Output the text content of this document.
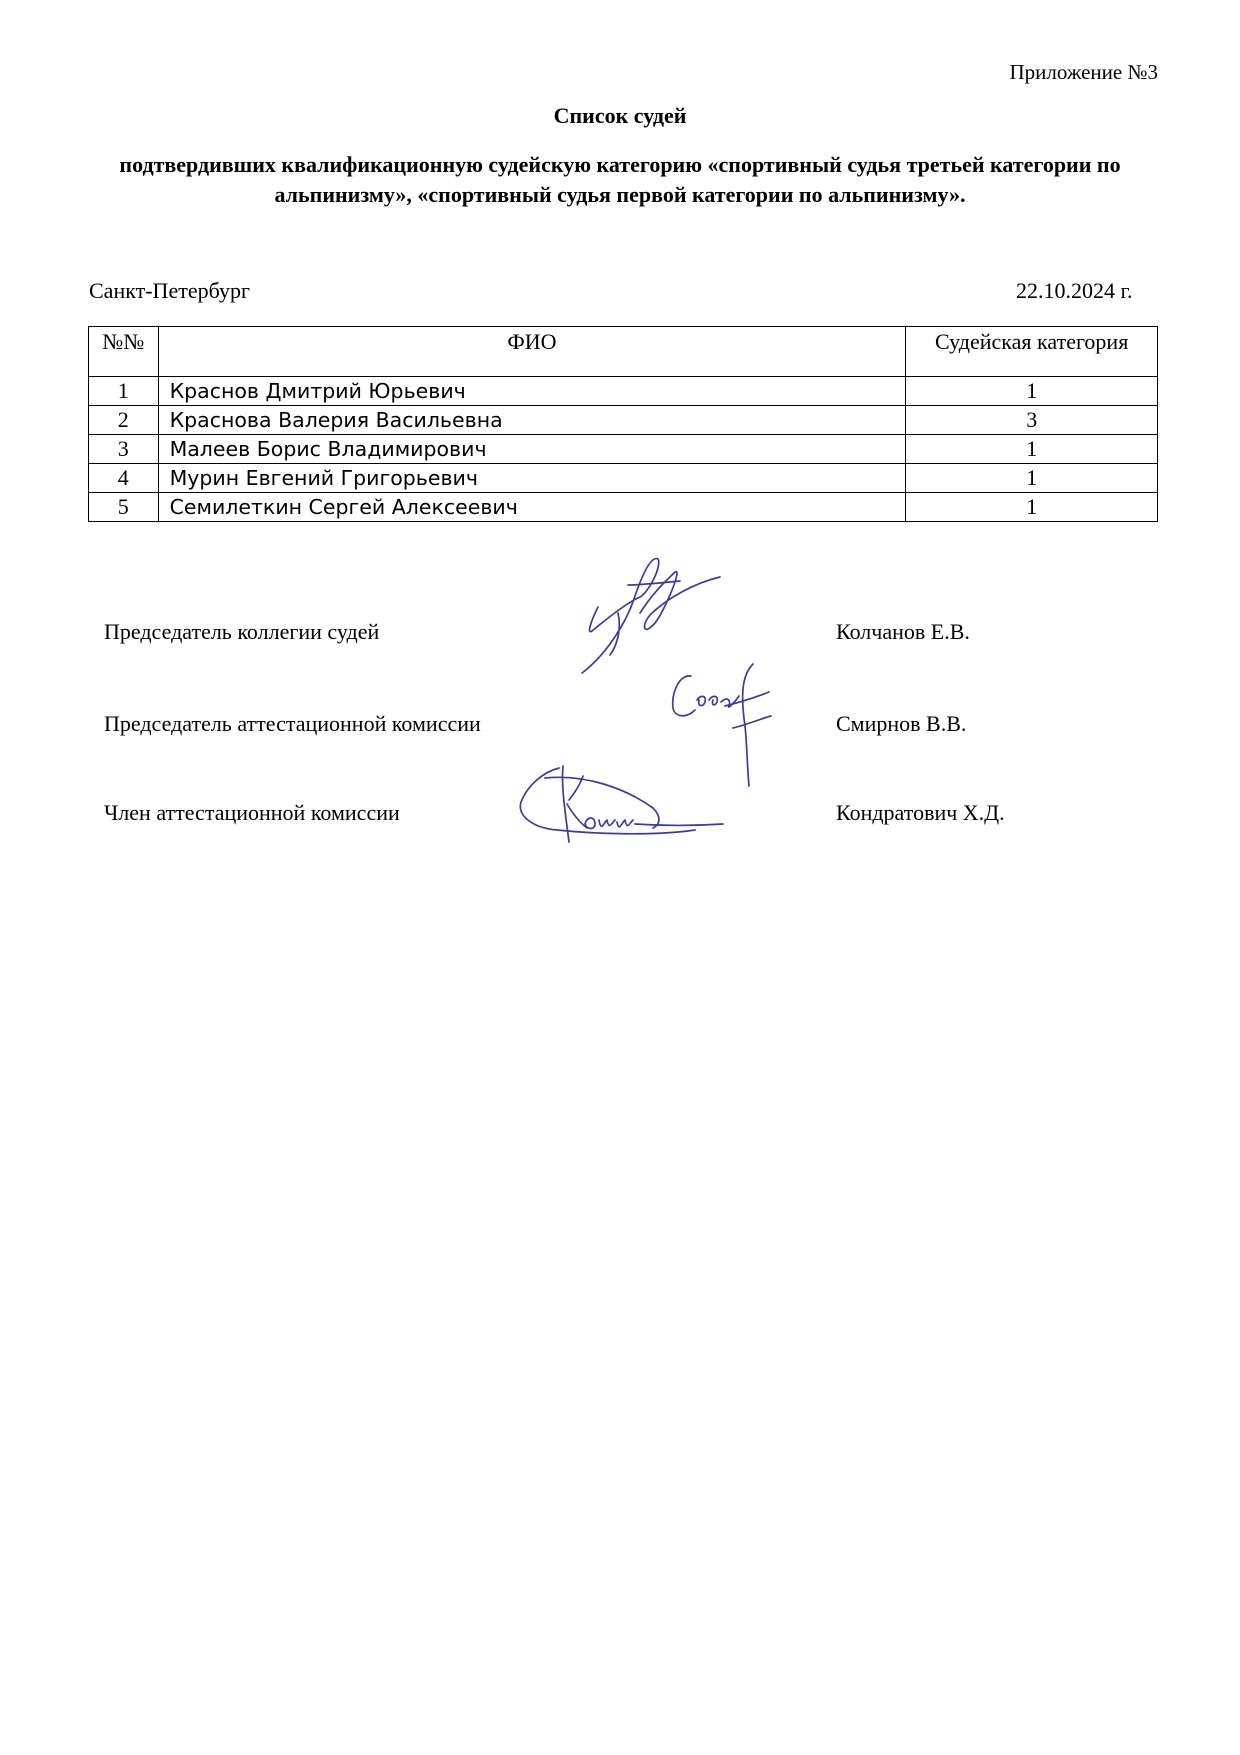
Приложение №3
Список судей
подтвердивших квалификационную судейскую категорию «спортивный судья третьей категории по альпинизму», «спортивный судья первой категории по альпинизму».
Санкт-Петербург	22.10.2024 г.
№№	ФИО	Судейская категория
1	Краснов Дмитрий Юрьевич	1
2	Краснова Валерия Васильевна	3
3	Малеев Борис Владимирович	1
4	Мурин Евгений Григорьевич	1
5	Семилеткин Сергей Алексеевич	1
Председатель коллегии судей	Колчанов Е.В.
Председатель аттестационной комиссии	Смирнов В.В.
Член аттестационной комиссии	Кондратович Х.Д.
